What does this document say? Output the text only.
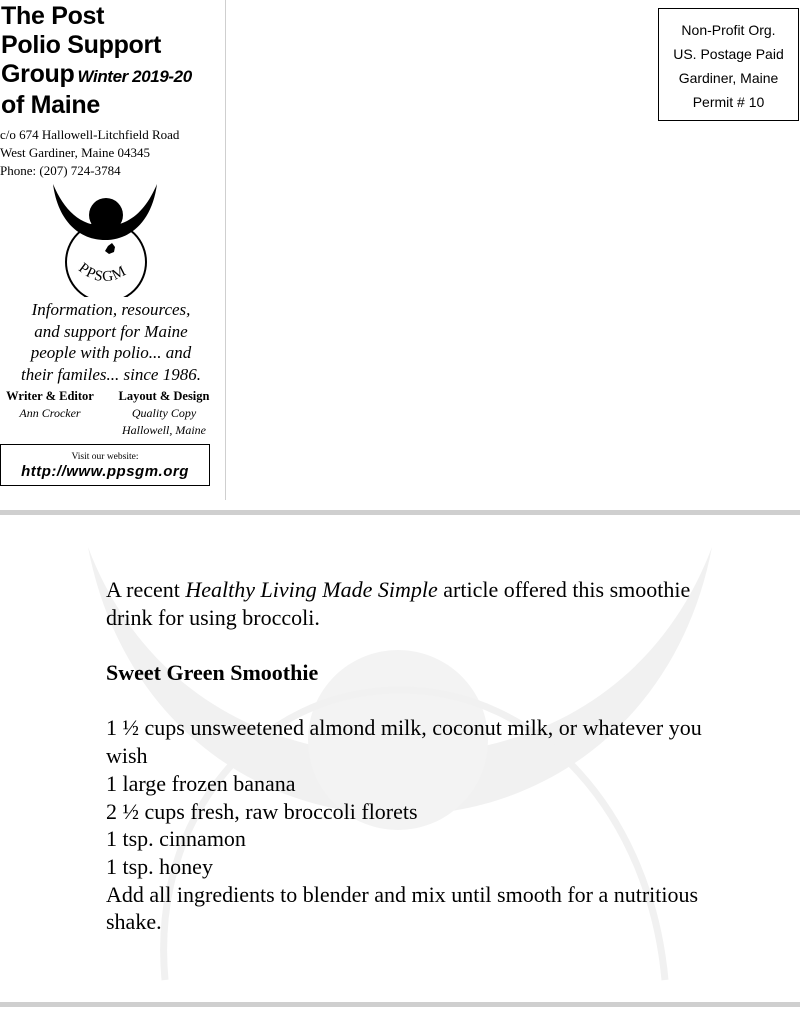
The Post
Polio Support
Group Winter 2019-20
of Maine
c/o 674 Hallowell-Litchfield Road
West Gardiner, Maine 04345
Phone: (207) 724-3784
PPSGM
Information, resources,
and support for Maine
people with polio... and
their familes... since 1986.
Writer & Editor
Ann Crocker
Layout & Design
Quality Copy
Hallowell, Maine
Visit our website:
http://www.ppsgm.org
Non-Profit Org.
US. Postage Paid
Gardiner, Maine
Permit # 10

A recent Healthy Living Made Simple article offered this smoothie drink for using broccoli.

Sweet Green Smoothie

1 ½ cups unsweetened almond milk, coconut milk, or whatever you wish

1 large frozen banana

2 ½ cups fresh, raw broccoli florets

1 tsp. cinnamon

1 tsp. honey

Add all ingredients to blender and mix until smooth for a nutritious shake.
